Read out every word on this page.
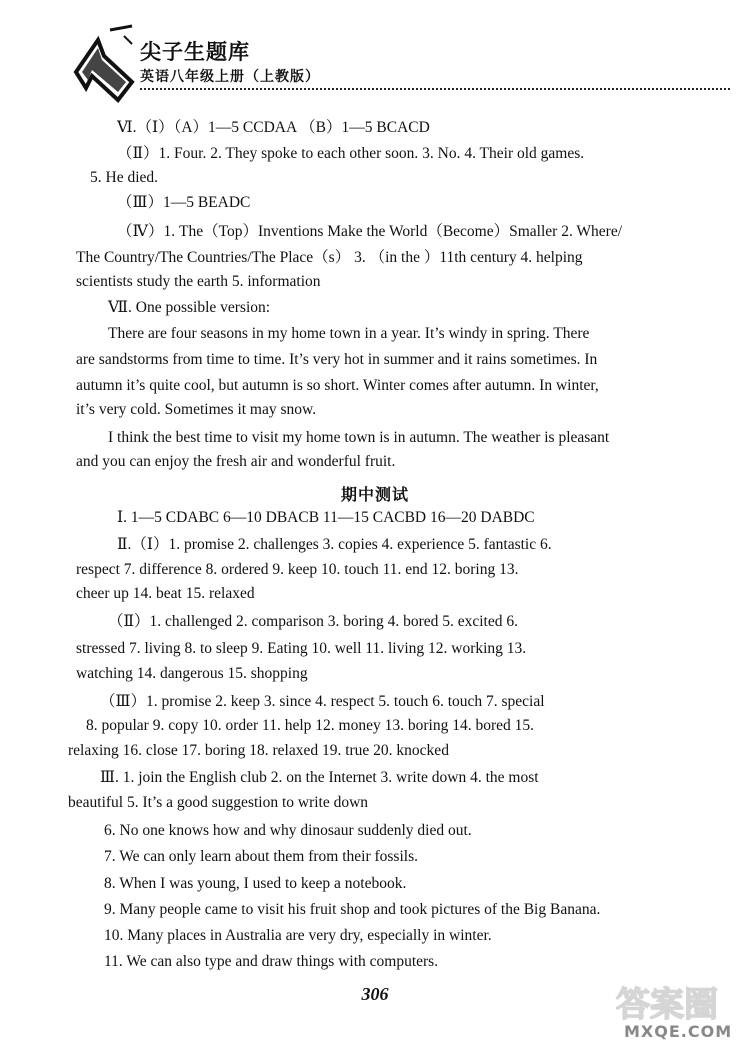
尖子生题库
英语八年级上册（上教版）
Ⅵ.（Ⅰ）（A）1—5 CCDAA （B）1—5 BCACD
（Ⅱ）1. Four. 2. They spoke to each other soon. 3. No. 4. Their old games.
5. He died.
（Ⅲ）1—5 BEADC
（Ⅳ）1. The（Top）Inventions Make the World（Become）Smaller 2. Where/
The Country/The Countries/The Place（s） 3. （in the ）11th century 4. helping
scientists study the earth 5. information
Ⅶ. One possible version:
There are four seasons in my home town in a year. It’s windy in spring. There
are sandstorms from time to time. It’s very hot in summer and it rains sometimes. In
autumn it’s quite cool, but autumn is so short. Winter comes after autumn. In winter,
it’s very cold. Sometimes it may snow.
I think the best time to visit my home town is in autumn. The weather is pleasant
and you can enjoy the fresh air and wonderful fruit.
期中测试
Ⅰ. 1—5 CDABC 6—10 DBACB 11—15 CACBD 16—20 DABDC
Ⅱ.（Ⅰ）1. promise 2. challenges 3. copies 4. experience 5. fantastic 6.
respect 7. difference 8. ordered 9. keep 10. touch 11. end 12. boring 13.
cheer up 14. beat 15. relaxed
（Ⅱ）1. challenged 2. comparison 3. boring 4. bored 5. excited 6.
stressed 7. living 8. to sleep 9. Eating 10. well 11. living 12. working 13.
watching 14. dangerous 15. shopping
（Ⅲ）1. promise 2. keep 3. since 4. respect 5. touch 6. touch 7. special
8. popular 9. copy 10. order 11. help 12. money 13. boring 14. bored 15.
relaxing 16. close 17. boring 18. relaxed 19. true 20. knocked
Ⅲ. 1. join the English club 2. on the Internet 3. write down 4. the most
beautiful 5. It’s a good suggestion to write down
6. No one knows how and why dinosaur suddenly died out.
7. We can only learn about them from their fossils.
8. When I was young, I used to keep a notebook.
9. Many people came to visit his fruit shop and took pictures of the Big Banana.
10. Many places in Australia are very dry, especially in winter.
11. We can also type and draw things with computers.
306	答案圈
MXQE.COM
